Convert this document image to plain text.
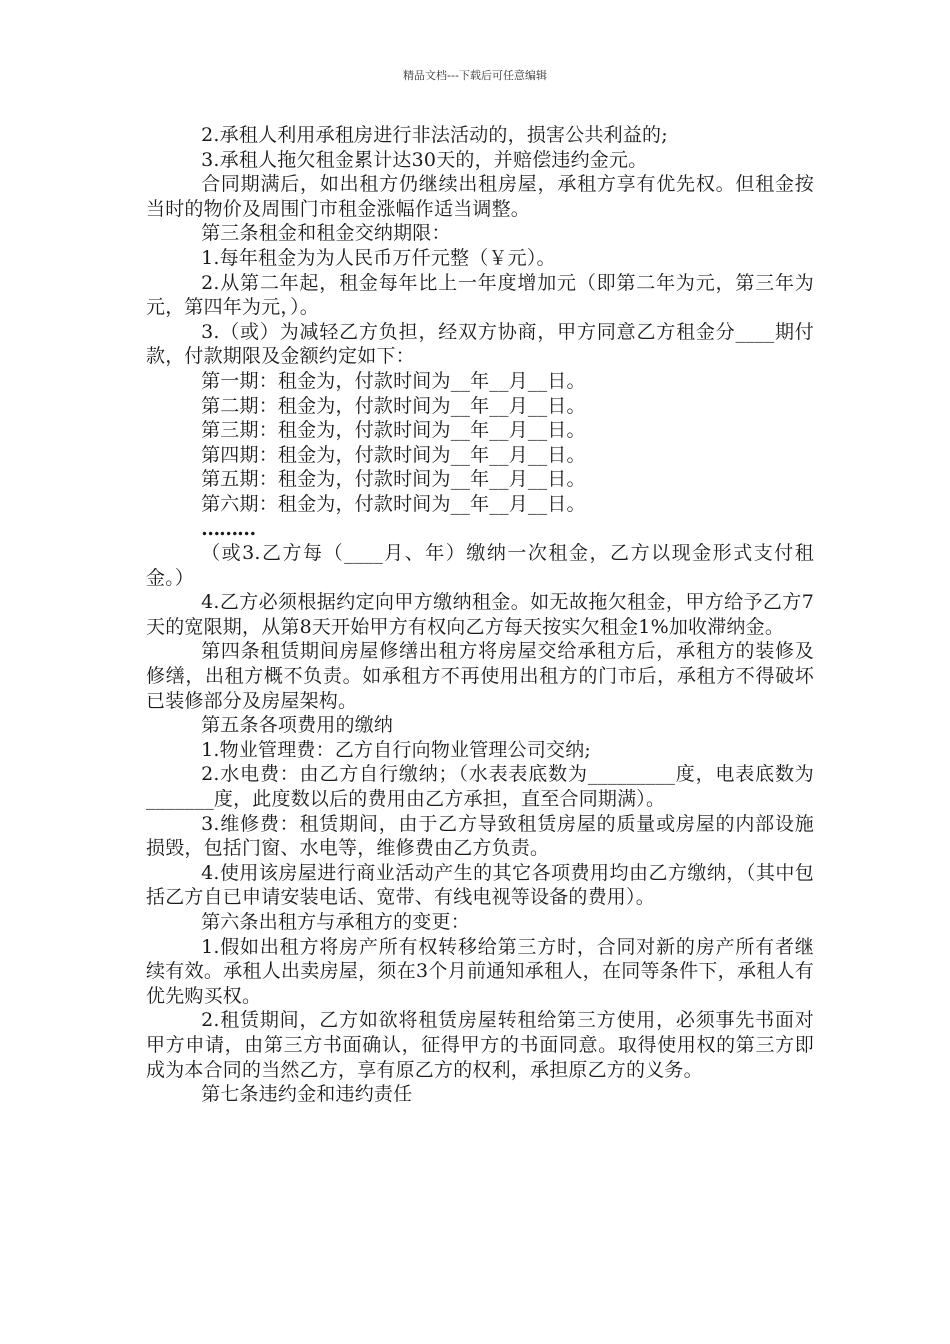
精品文档---下载后可任意编辑

2.承租人利用承租房进行非法活动的，损害公共利益的;

3.承租人拖欠租金累计达30天的，并赔偿违约金元。

合同期满后，如出租方仍继续出租房屋，承租方享有优先权。但租金按当时的物价及周围门市租金涨幅作适当调整。

第三条租金和租金交纳期限：

1.每年租金为为人民币万仟元整（￥元）。

2.从第二年起，租金每年比上一年度增加元（即第二年为元，第三年为元，第四年为元，）。

3.（或）为减轻乙方负担，经双方协商，甲方同意乙方租金分____期付款，付款期限及金额约定如下：

第一期：租金为，付款时间为__年__月__日。

第二期：租金为，付款时间为__年__月__日。

第三期：租金为，付款时间为__年__月__日。

第四期：租金为，付款时间为__年__月__日。

第五期：租金为，付款时间为__年__月__日。

第六期：租金为，付款时间为__年__月__日。

………

（或3.乙方每（____月、年）缴纳一次租金，乙方以现金形式支付租金。）

4.乙方必须根据约定向甲方缴纳租金。如无故拖欠租金，甲方给予乙方7天的宽限期，从第8天开始甲方有权向乙方每天按实欠租金1%加收滞纳金。

第四条租赁期间房屋修缮出租方将房屋交给承租方后，承租方的装修及修缮，出租方概不负责。如承租方不再使用出租方的门市后，承租方不得破坏已装修部分及房屋架构。

第五条各项费用的缴纳

1.物业管理费：乙方自行向物业管理公司交纳;

2.水电费：由乙方自行缴纳；（水表表底数为_________度，电表底数为_______度，此度数以后的费用由乙方承担，直至合同期满）。

3.维修费：租赁期间，由于乙方导致租赁房屋的质量或房屋的内部设施损毁，包括门窗、水电等，维修费由乙方负责。

4.使用该房屋进行商业活动产生的其它各项费用均由乙方缴纳，（其中包括乙方自已申请安装电话、宽带、有线电视等设备的费用）。

第六条出租方与承租方的变更：

1.假如出租方将房产所有权转移给第三方时，合同对新的房产所有者继续有效。承租人出卖房屋，须在3个月前通知承租人，在同等条件下，承租人有优先购买权。

2.租赁期间，乙方如欲将租赁房屋转租给第三方使用，必须事先书面对甲方申请，由第三方书面确认，征得甲方的书面同意。取得使用权的第三方即成为本合同的当然乙方，享有原乙方的权利，承担原乙方的义务。

第七条违约金和违约责任
